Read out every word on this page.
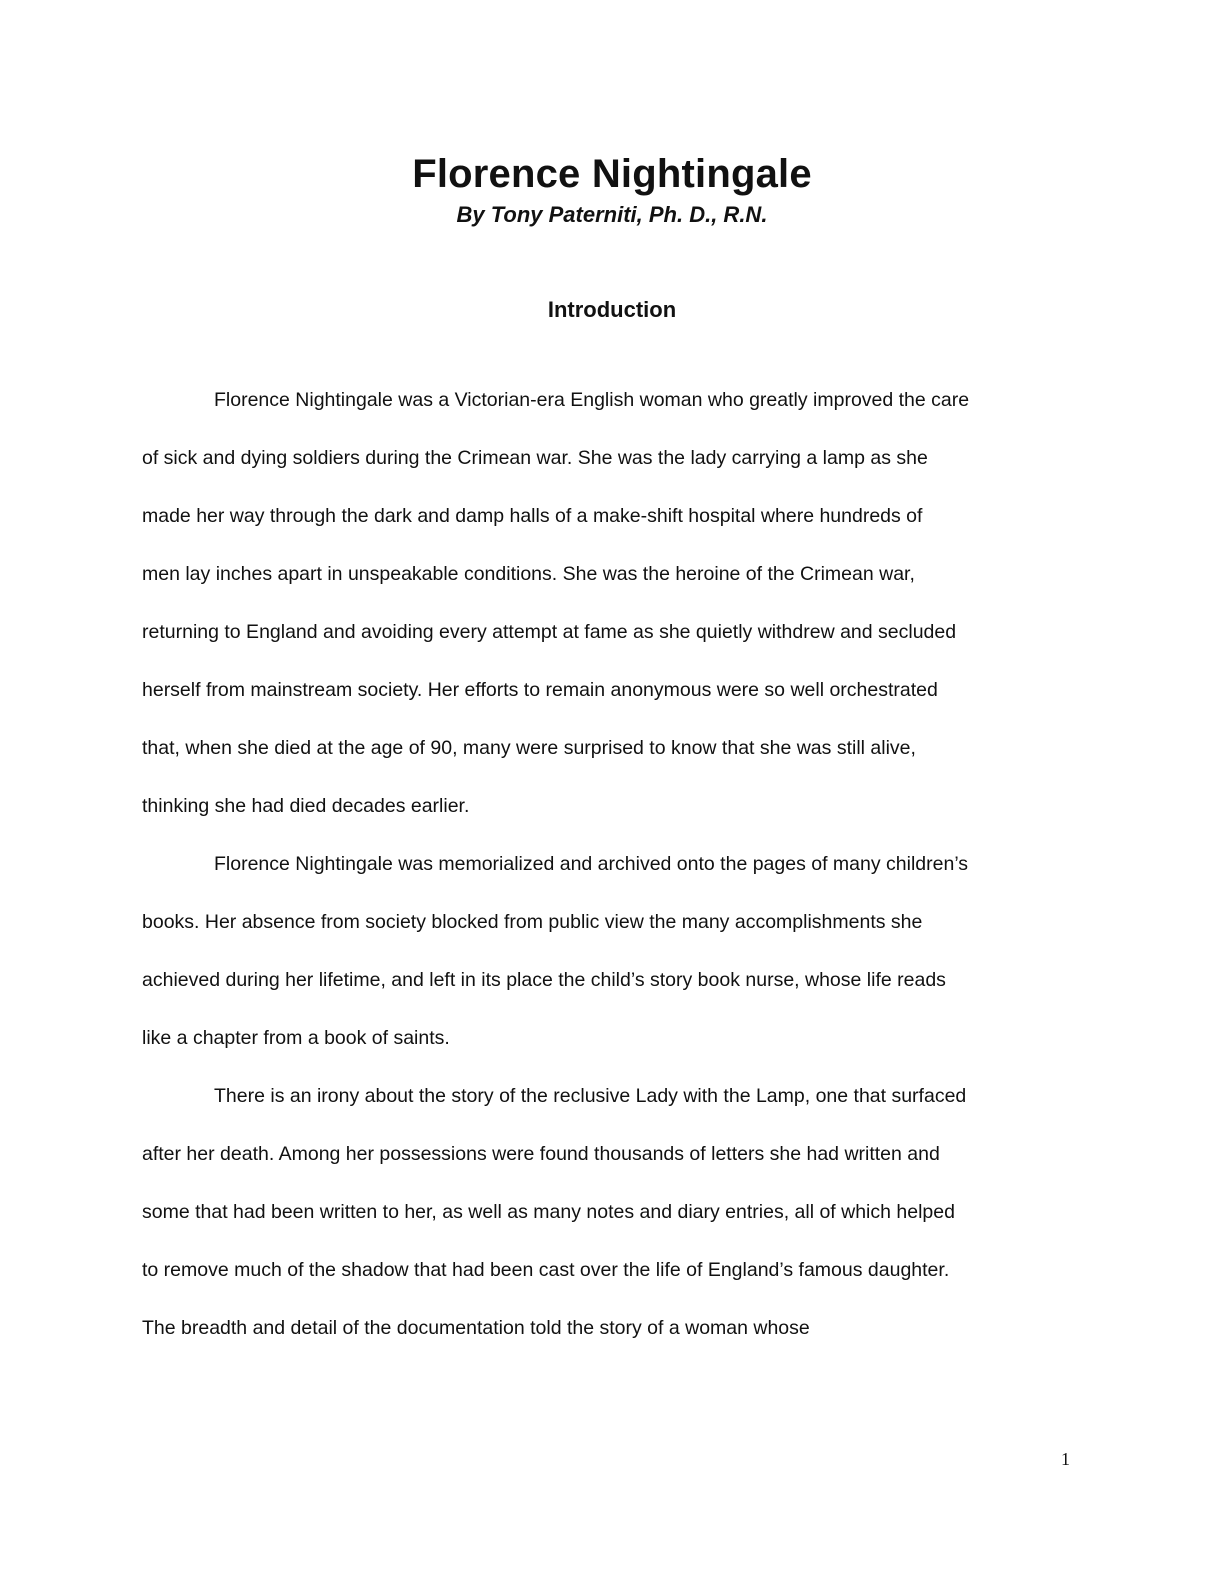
Florence Nightingale
By Tony Paterniti, Ph. D., R.N.
Introduction
Florence Nightingale was a Victorian-era English woman who greatly improved the care
of sick and dying soldiers during the Crimean war. She was the lady carrying a lamp as she
made her way through the dark and damp halls of a make-shift hospital where hundreds of
men lay inches apart in unspeakable conditions. She was the heroine of the Crimean war,
returning to England and avoiding every attempt at fame as she quietly withdrew and secluded
herself from mainstream society. Her efforts to remain anonymous were so well orchestrated
that, when she died at the age of 90, many were surprised to know that she was still alive,
thinking she had died decades earlier.
Florence Nightingale was memorialized and archived onto the pages of many children’s
books. Her absence from society blocked from public view the many accomplishments she
achieved during her lifetime, and left in its place the child’s story book nurse, whose life reads
like a chapter from a book of saints.
There is an irony about the story of the reclusive Lady with the Lamp, one that surfaced
after her death. Among her possessions were found thousands of letters she had written and
some that had been written to her, as well as many notes and diary entries, all of which helped
to remove much of the shadow that had been cast over the life of England’s famous daughter.
The breadth and detail of the documentation told the story of a woman whose
1
